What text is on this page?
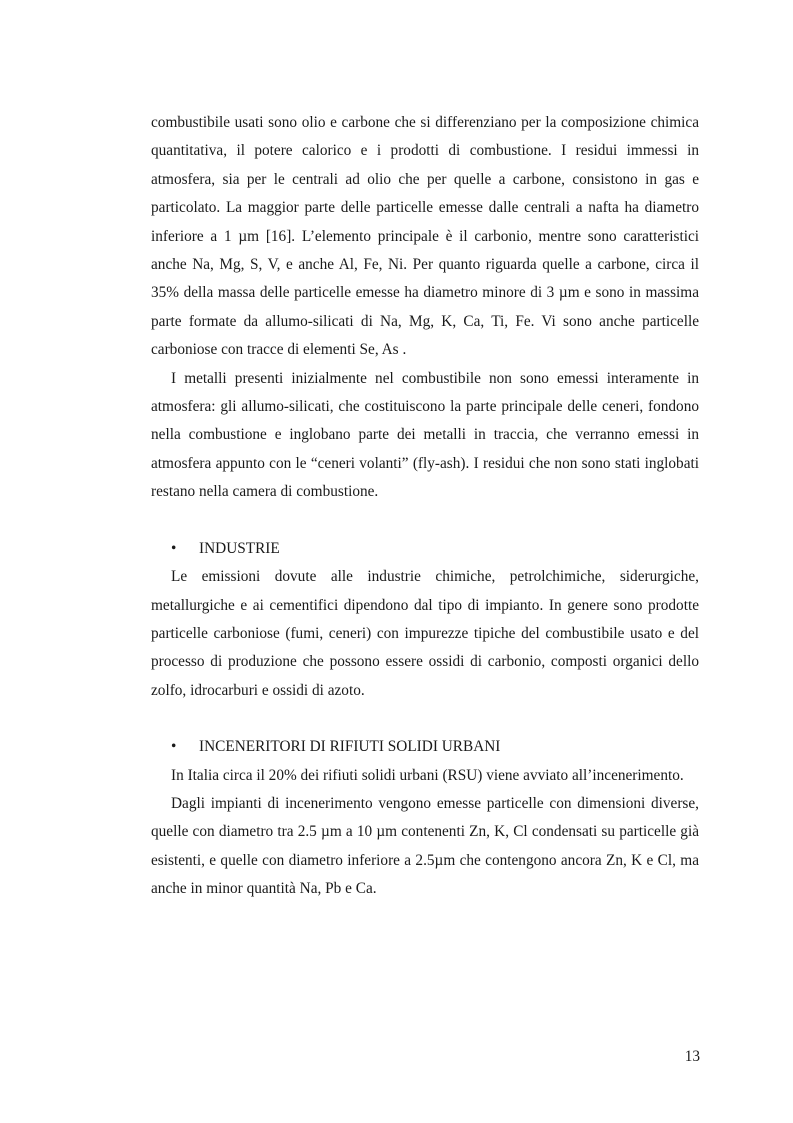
combustibile usati sono olio e carbone che si differenziano per la composizione chimica quantitativa, il potere calorico e i prodotti di combustione. I residui immessi in atmosfera, sia per le centrali ad olio che per quelle a carbone, consistono in gas e particolato. La maggior parte delle particelle emesse dalle centrali a nafta ha diametro inferiore a 1 µm [16]. L’elemento principale è il carbonio, mentre sono caratteristici anche Na, Mg, S, V, e anche Al, Fe, Ni. Per quanto riguarda quelle a carbone, circa il 35% della massa delle particelle emesse ha diametro minore di 3 µm e sono in massima parte formate da allumo-silicati di Na, Mg, K, Ca, Ti, Fe. Vi sono anche particelle carboniose con tracce di elementi Se, As .

I metalli presenti inizialmente nel combustibile non sono emessi interamente in atmosfera: gli allumo-silicati, che costituiscono la parte principale delle ceneri, fondono nella combustione e inglobano parte dei metalli in traccia, che verranno emessi in atmosfera appunto con le “ceneri volanti” (fly-ash). I residui che non sono stati inglobati restano nella camera di combustione.

•	INDUSTRIE

Le emissioni dovute alle industrie chimiche, petrolchimiche, siderurgiche, metallurgiche e ai cementifici dipendono dal tipo di impianto. In genere sono prodotte particelle carboniose (fumi, ceneri) con impurezze tipiche del combustibile usato e del processo di produzione che possono essere ossidi di carbonio, composti organici dello zolfo, idrocarburi e ossidi di azoto.

•	INCENERITORI DI RIFIUTI SOLIDI URBANI

In Italia circa il 20% dei rifiuti solidi urbani (RSU) viene avviato all’incenerimento.

Dagli impianti di incenerimento vengono emesse particelle con dimensioni diverse, quelle con diametro tra 2.5 µm a 10 µm contenenti Zn, K, Cl condensati su particelle già esistenti, e quelle con diametro inferiore a 2.5µm che contengono ancora Zn, K e Cl, ma anche in minor quantità Na, Pb e Ca.

13
